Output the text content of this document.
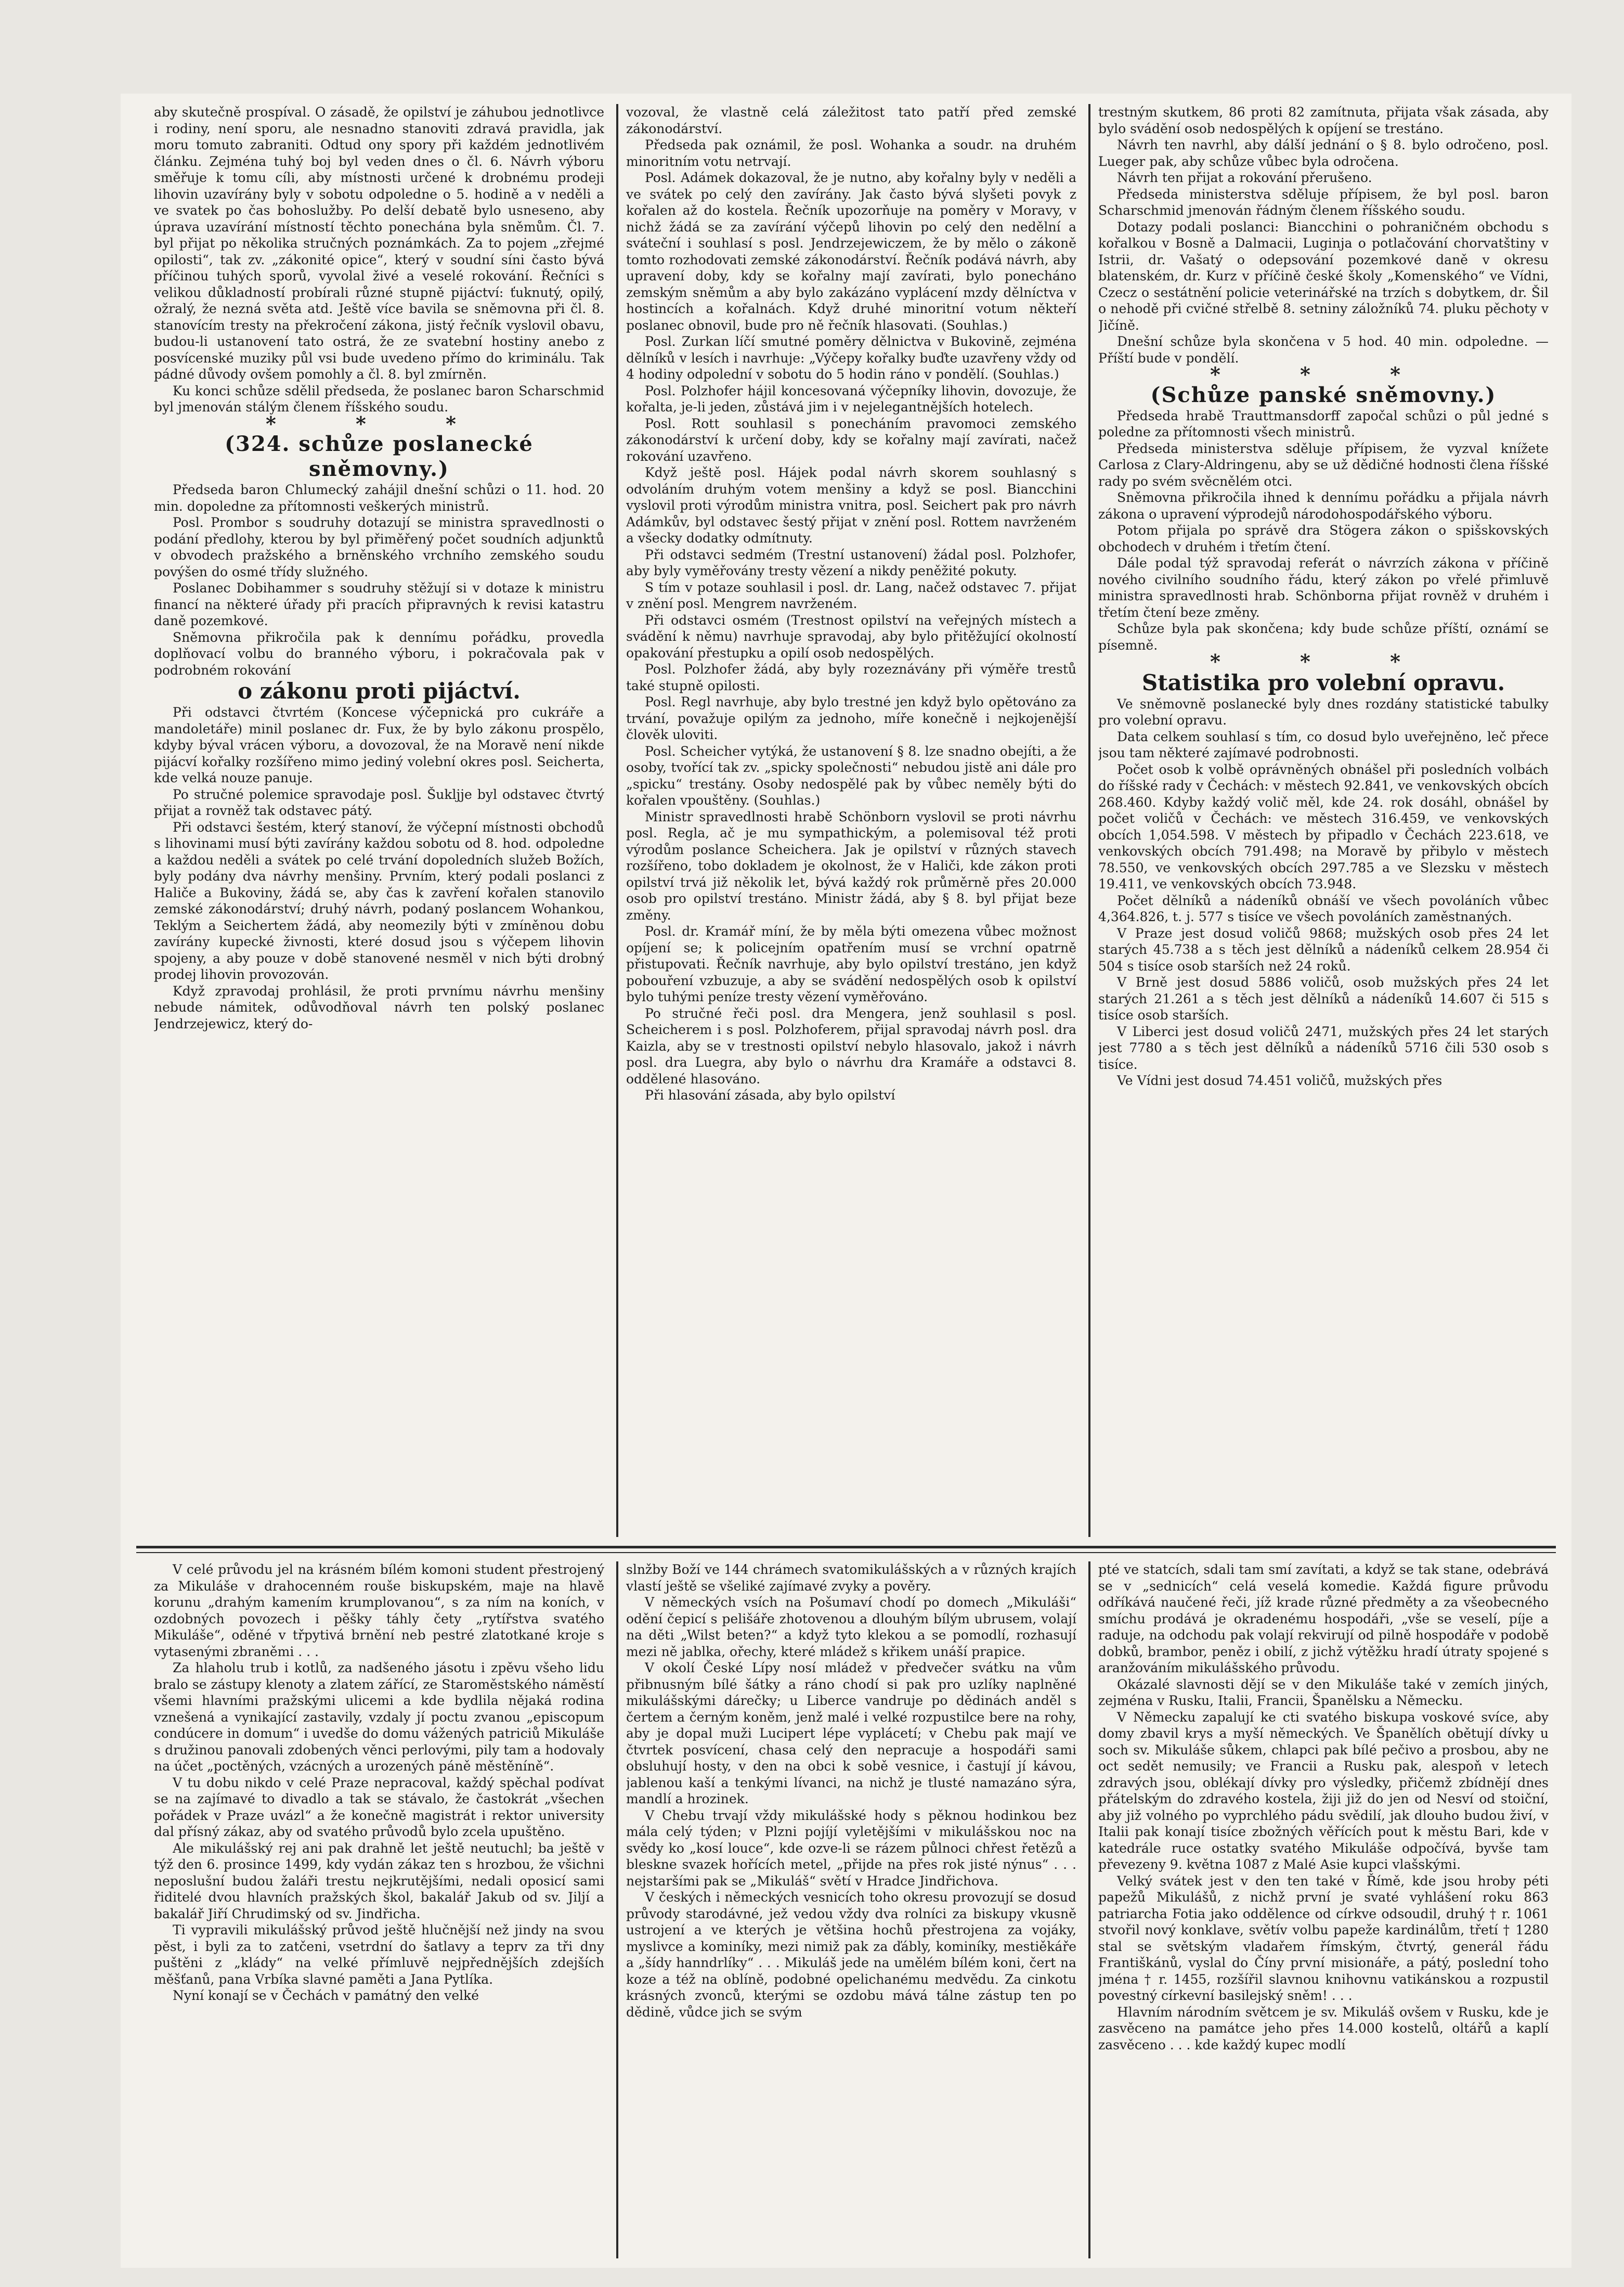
aby skutečně prospíval. O zásadě, že opilství je záhubou jednotlivce i rodiny, není sporu, ale nesnadno stanoviti zdravá pravidla, jak moru tomuto zabraniti. Odtud ony spory při každém jednotlivém článku. Zejména tuhý boj byl veden dnes o čl. 6. Návrh výboru směřuje k tomu cíli, aby místnosti určené k drobnému prodeji lihovin uzavírány byly v sobotu odpoledne o 5. hodině a v neděli a ve svatek po čas bohoslužby. Po delší debatě bylo usneseno, aby úprava uzavírání místností těchto ponechána byla sněmům. Čl. 7. byl přijat po několika stručných poznámkách. Za to pojem „zřejmé opilosti“, tak zv. „zákonité opice“, který v soudní síni často bývá příčinou tuhých sporů, vyvolal živé a veselé rokování. Řečníci s velikou důkladností probírali různé stupně pijáctví: ťuknutý, opilý, ožralý, že nezná světa atd. Ještě více bavila se sněmovna při čl. 8. stanovícím tresty na překročení zákona, jistý řečník vyslovil obavu, budou-li ustanovení tato ostrá, že ze svatební hostiny anebo z posvícenské muziky půl vsi bude uvedeno přímo do kriminálu. Tak pádné důvody ovšem pomohly a čl. 8. byl zmírněn.

Ku konci schůze sdělil předseda, že poslanec baron Scharschmid byl jmenován stálým členem říšského soudu.

* * *

(324. schůze poslanecké sněmovny.)

Předseda baron Chlumecký zahájil dnešní schůzi o 11. hod. 20 min. dopoledne za přítomnosti veškerých ministrů.

Posl. Prombor s soudruhy dotazují se ministra spravedlnosti o podání předlohy, kterou by byl přiměřený počet soudních adjunktů v obvodech pražského a brněnského vrchního zemského soudu povýšen do osmé třídy služného.

Poslanec Dobihammer s soudruhy stěžují si v dotaze k ministru financí na některé úřady při pracích připravných k revisi katastru daně pozemkové.

Sněmovna přikročila pak k dennímu pořádku, provedla doplňovací volbu do branného výboru, i pokračovala pak v podrobném rokování

o zákonu proti pijáctví.

Při odstavci čtvrtém (Koncese výčepnická pro cukráře a mandoletáře) minil poslanec dr. Fux, že by bylo zákonu prospělo, kdyby býval vrácen výboru, a dovozoval, že na Moravě není nikde pijácví kořalky rozšířeno mimo jediný volební okres posl. Seicherta, kde velká nouze panuje.

Po stručné polemice spravodaje posl. Šukljje byl odstavec čtvrtý přijat a rovněž tak odstavec pátý.

Při odstavci šestém, který stanoví, že výčepní místnosti obchodů s lihovinami musí býti zavírány každou sobotu od 8. hod. odpoledne a každou neděli a svátek po celé trvání dopoledních služeb Božích, byly podány dva návrhy menšiny. Prvním, který podali poslanci z Haliče a Bukoviny, žádá se, aby čas k zavření kořalen stanovilo zemské zákonodárství; druhý návrh, podaný poslancem Wohankou, Teklým a Seichertem žádá, aby neomezily býti v zmíněnou dobu zavírány kupecké živnosti, které dosud jsou s výčepem lihovin spojeny, a aby pouze v době stanovené nesměl v nich býti drobný prodej lihovin provozován.

Když zpravodaj prohlásil, že proti prvnímu návrhu menšiny nebude námitek, odůvodňoval návrh ten polský poslanec Jendrzejewicz, který do-

vozoval, že vlastně celá záležitost tato patří před zemské zákonodárství.

Předseda pak oznámil, že posl. Wohanka a soudr. na druhém minoritním votu netrvají.

Posl. Adámek dokazoval, že je nutno, aby kořalny byly v neděli a ve svátek po celý den zavírány. Jak často bývá slyšeti povyk z kořalen až do kostela. Řečník upozorňuje na poměry v Moravy, v nichž žádá se za zavírání výčepů lihovin po celý den nedělní a sváteční i souhlasí s posl. Jendrzejewiczem, že by mělo o zákoně tomto rozhodovati zemské zákonodárství. Řečník podává návrh, aby upravení doby, kdy se kořalny mají zavírati, bylo ponecháno zemským sněmům a aby bylo zakázáno vyplácení mzdy dělníctva v hostincích a kořalnách. Když druhé minoritní votum někteří poslanec obnovil, bude pro ně řečník hlasovati. (Souhlas.)

Posl. Zurkan líčí smutné poměry dělnictva v Bukovině, zejména dělníků v lesích i navrhuje: „Výčepy kořalky buďte uzavřeny vždy od 4 hodiny odpolední v sobotu do 5 hodin ráno v pondělí. (Souhlas.)

Posl. Polzhofer hájil koncesovaná výčepníky lihovin, dovozuje, že kořalta, je-li jeden, zůstává jim i v nejelegantnějších hotelech.

Posl. Rott souhlasil s ponecháním pravomoci zemského zákonodárství k určení doby, kdy se kořalny mají zavírati, načež rokování uzavřeno.

Když ještě posl. Hájek podal návrh skorem souhlasný s odvoláním druhým votem menšiny a když se posl. Biancchini vyslovil proti výrodům ministra vnitra, posl. Seichert pak pro návrh Adámkův, byl odstavec šestý přijat v znění posl. Rottem navrženém a všecky dodatky odmítnuty.

Při odstavci sedmém (Trestní ustanovení) žádal posl. Polzhofer, aby byly vyměřovány tresty vězení a nikdy peněžité pokuty.

S tím v potaze souhlasil i posl. dr. Lang, načež odstavec 7. přijat v znění posl. Mengrem navrženém.

Při odstavci osmém (Trestnost opilství na veřejných místech a svádění k němu) navrhuje spravodaj, aby bylo přitěžující okolností opakování přestupku a opilí osob nedospělých.

Posl. Polzhofer žádá, aby byly rozeznávány při výměře trestů také stupně opilosti.

Posl. Regl navrhuje, aby bylo trestné jen když bylo opětováno za trvání, považuje opilým za jednoho, míře konečně i nejkojenější člověk uloviti.

Posl. Scheicher vytýká, že ustanovení § 8. lze snadno obejíti, a že osoby, tvořící tak zv. „spicky společnosti“ nebudou jistě ani dále pro „spicku“ trestány. Osoby nedospělé pak by vůbec neměly býti do kořalen vpouštěny. (Souhlas.)

Ministr spravedlnosti hrabě Schönborn vyslovil se proti návrhu posl. Regla, ač je mu sympathickým, a polemisoval též proti výrodům poslance Scheichera. Jak je opilství v různých stavech rozšířeno, tobo dokladem je okolnost, že v Haliči, kde zákon proti opilství trvá již několik let, bývá každý rok průměrně přes 20.000 osob pro opilství trestáno. Ministr žádá, aby § 8. byl přijat beze změny.

Posl. dr. Kramář míní, že by měla býti omezena vůbec možnost opíjení se; k policejním opatřením musí se vrchní opatrně přistupovati. Řečník navrhuje, aby bylo opilství trestáno, jen když pobouření vzbuzuje, a aby se svádění nedospělých osob k opilství bylo tuhými peníze tresty vězení vyměřováno.

Po stručné řeči posl. dra Mengera, jenž souhlasil s posl. Scheicherem i s posl. Polzhoferem, přijal spravodaj návrh posl. dra Kaizla, aby se v trestnosti opilství nebylo hlasovalo, jakož i návrh posl. dra Luegra, aby bylo o návrhu dra Kramáře a odstavci 8. oddělené hlasováno.

Při hlasování zásada, aby bylo opilství

trestným skutkem, 86 proti 82 zamítnuta, přijata však zásada, aby bylo svádění osob nedospělých k opíjení se trestáno.

Návrh ten navrhl, aby dálší jednání o § 8. bylo odročeno, posl. Lueger pak, aby schůze vůbec byla odročena.

Návrh ten přijat a rokování přerušeno.

Předseda ministerstva sděluje přípisem, že byl posl. baron Scharschmid jmenován řádným členem říšského soudu.

Dotazy podali poslanci: Biancchini o pohraničném obchodu s kořalkou v Bosně a Dalmacii, Luginja o potlačování chorvatštiny v Istrii, dr. Vašatý o odepsování pozemkové daně v okresu blatenském, dr. Kurz v příčině české školy „Komenského“ ve Vídni, Czecz o sestátnění policie veterinářské na trzích s dobytkem, dr. Šil o nehodě při cvičné střelbě 8. setniny záložníků 74. pluku pěchoty v Jičíně.

Dnešní schůze byla skončena v 5 hod. 40 min. odpoledne. — Příští bude v pondělí.

* * *

(Schůze panské sněmovny.)

Předseda hrabě Trauttmansdorff započal schůzi o půl jedné s poledne za přítomnosti všech ministrů.

Předseda ministerstva sděluje přípisem, že vyzval knížete Carlosa z Clary-Aldringenu, aby se už dědičné hodnosti člena říšské rady po svém svěcnělém otci.

Sněmovna přikročila ihned k dennímu pořádku a přijala návrh zákona o upravení výprodejů národohospodářského výboru.

Potom přijala po správě dra Stögera zákon o spišskovských obchodech v druhém i třetím čtení.

Dále podal týž spravodaj referát o návrzích zákona v příčině nového civilního soudního řádu, který zákon po vřelé přimluvě ministra spravedlnosti hrab. Schönborna přijat rovněž v druhém i třetím čtení beze změny.

Schůze byla pak skončena; kdy bude schůze příští, oznámí se písemně.

* * *

Statistika pro volební opravu.

Ve sněmovně poslanecké byly dnes rozdány statistické tabulky pro volební opravu.

Data celkem souhlasí s tím, co dosud bylo uveřejněno, leč přece jsou tam některé zajímavé podrobnosti.

Počet osob k volbě oprávněných obnášel při posledních volbách do říšské rady v Čechách: v městech 92.841, ve venkovských obcích 268.460. Kdyby každý volič měl, kde 24. rok dosáhl, obnášel by počet voličů v Čechách: ve městech 316.459, ve venkovských obcích 1,054.598. V městech by připadlo v Čechách 223.618, ve venkovských obcích 791.498; na Moravě by přibylo v městech 78.550, ve venkovských obcích 297.785 a ve Slezsku v městech 19.411, ve venkovských obcích 73.948.

Počet dělníků a nádeníků obnáší ve všech povoláních vůbec 4,364.826, t. j. 577 s tisíce ve všech povoláních zaměstnaných.

V Praze jest dosud voličů 9868; mužských osob přes 24 let starých 45.738 a s těch jest dělníků a nádeníků celkem 28.954 či 504 s tisíce osob starších než 24 roků.

V Brně jest dosud 5886 voličů, osob mužských přes 24 let starých 21.261 a s těch jest dělníků a nádeníků 14.607 či 515 s tisíce osob starších.

V Liberci jest dosud voličů 2471, mužských přes 24 let starých jest 7780 a s těch jest dělníků a nádeníků 5716 čili 530 osob s tisíce.

Ve Vídni jest dosud 74.451 voličů, mužských přes

V celé průvodu jel na krásném bílém komoni student přestrojený za Mikuláše v drahocenném rouše biskupském, maje na hlavě korunu „drahým kamením krumplovanou“, s za ním na koních, v ozdobných povozech i pěšky táhly čety „rytířstva svatého Mikuláše“, oděné v třpytivá brnění neb pestré zlatotkané kroje s vytasenými zbraněmi . . .

Za hlaholu trub i kotlů, za nadšeného jásotu i zpěvu všeho lidu bralo se zástupy klenoty a zlatem zářící, ze Staroměstského náměstí všemi hlavními pražskými ulicemi a kde bydlila nějaká rodina vznešená a vynikající zastavily, vzdaly jí poctu zvanou „episcopum condúcere in domum“ i uvedše do domu vážených patriciů Mikuláše s družinou panovali zdobených věnci perlovými, pily tam a hodovaly na účet „poctěných, vzácných a urozených páně městěníně“.

V tu dobu nikdo v celé Praze nepracoval, každý spěchal podívat se na zajímavé to divadlo a tak se stávalo, že častokrát „všechen pořádek v Praze uvázl“ a že konečně magistrát i rektor university dal přísný zákaz, aby od svatého průvodů bylo zcela upuštěno.

Ale mikulášský rej ani pak drahně let ještě neutuchl; ba ještě v týž den 6. prosince 1499, kdy vydán zákaz ten s hrozbou, že všichni neposlušní budou žaláři trestu nejkrutějšími, nedali oposicí sami řiditelé dvou hlavních pražských škol, bakalář Jakub od sv. Jiljí a bakalář Jiří Chrudimský od sv. Jindřicha.

Ti vypravili mikulášský průvod ještě hlučnější než jindy na svou pěst, i byli za to zatčeni, vsetrdní do šatlavy a teprv za tři dny puštěni z „klády“ na velké přímluvě nejpřednějších zdejších měšťanů, pana Vrbíka slavné paměti a Jana Pytlíka.

Nyní konají se v Čechách v památný den velké

slnžby Boží ve 144 chrámech svatomikulášských a v různých krajích vlastí ještě se všeliké zajímavé zvyky a pověry.

V německých vsích na Pošumaví chodí po domech „Mikuláši“ odění čepicí s pelišáře zhotovenou a dlouhým bílým ubrusem, volají na děti „Wilst beten?“ a když tyto klekou a se pomodlí, rozhasují mezi ně jablka, ořechy, které mládež s křikem unáší prapice.

V okolí České Lípy nosí mládež v předvečer svátku na vům přibnusným bílé šátky a ráno chodí si pak pro uzlíky naplněné mikulášskými dárečky; u Liberce vandruje po dědinách anděl s čertem a černým koněm, jenž malé i velké rozpustilce bere na rohy, aby je dopal muži Lucipert lépe vyplácetí; v Chebu pak mají ve čtvrtek posvícení, chasa celý den nepracuje a hospodáři sami obsluhují hosty, v den na obci k sobě vesnice, i častují jí kávou, jablenou kaší a tenkými lívanci, na nichž je tlusté namazáno sýra, mandlí a hrozinek.

V Chebu trvají vždy mikulášské hody s pěknou hodinkou bez mála celý týden; v Plzni pojíjí vyletějšími v mikulášskou noc na svědy ko „kosí louce“, kde ozve-li se rázem půlnoci chřest řetězů a bleskne svazek hořících metel, „přijde na přes rok jisté nýnus“ . . . nejstaršími pak se „Mikuláš“ světí v Hradce Jindřichova.

V českých i německých vesnicích toho okresu provozují se dosud průvody starodávné, jež vedou vždy dva rolníci za biskupy vkusně ustrojení a ve kterých je většina hochů přestrojena za vojáky, myslivce a kominíky, mezi nimiž pak za ďábly, kominíky, mestiěkáře a „šídy hanndrlíky“ . . . Mikuláš jede na umělém bílém koni, čert na koze a též na oblíně, podobné opelichanému medvědu. Za cinkotu krásných zvonců, kterými se ozdobu mává tálne zástup ten po dědině, vůdce jich se svým

pté ve statcích, sdali tam smí zavítati, a když se tak stane, odebrává se v „sednicích“ celá veselá komedie. Každá figure průvodu odříkává naučené řeči, jíž krade různé předměty a za všeobecného smíchu prodává je okradenému hospodáři, „vše se veselí, píje a raduje, na odchodu pak volají rekvirují od pilně hospodáře v podobě dobků, brambor, peněz i obilí, z jichž výtěžku hradí útraty spojené s aranžováním mikulášského průvodu.

Okázalé slavnosti dějí se v den Mikuláše také v zemích jiných, zejména v Rusku, Italii, Francii, Španělsku a Německu.

V Německu zapalují ke cti svatého biskupa voskové svíce, aby domy zbavil krys a myší německých. Ve Španělích obětují dívky u soch sv. Mikuláše sůkem, chlapci pak bílé pečivo a prosbou, aby ne oct sedět nemusily; ve Francii a Rusku pak, alespoň v letech zdravých jsou, oblékají dívky pro výsledky, přičemž zbídnějí dnes přátelským do zdravého kostela, žiji již do jen od Nesví od stoiční, aby již volného po vyprchlého pádu svědilí, jak dlouho budou živí, v Italii pak konají tisíce zbožných věřících pout k městu Bari, kde v katedrále ruce ostatky svatého Mikuláše odpočívá, byvše tam převezeny 9. května 1087 z Malé Asie kupci vlašskými.

Velký svátek jest v den ten také v Římě, kde jsou hroby péti papežů Mikulášů, z nichž první je svaté vyhlášení roku 863 patriarcha Fotia jako oddělence od církve odsoudil, druhý † r. 1061 stvořil nový konklave, světív volbu papeže kardinálům, třetí † 1280 stal se světským vladařem římským, čtvrtý, generál řádu Františkánů, vyslal do Číny první misionáře, a pátý, poslední toho jména † r. 1455, rozšířil slavnou knihovnu vatikánskou a rozpustil povestný církevní basilejský sněm! . . .

Hlavním národním světcem je sv. Mikuláš ovšem v Rusku, kde je zasvěceno na památce jeho přes 14.000 kostelů, oltářů a kaplí zasvěceno . . . kde každý kupec modlí
